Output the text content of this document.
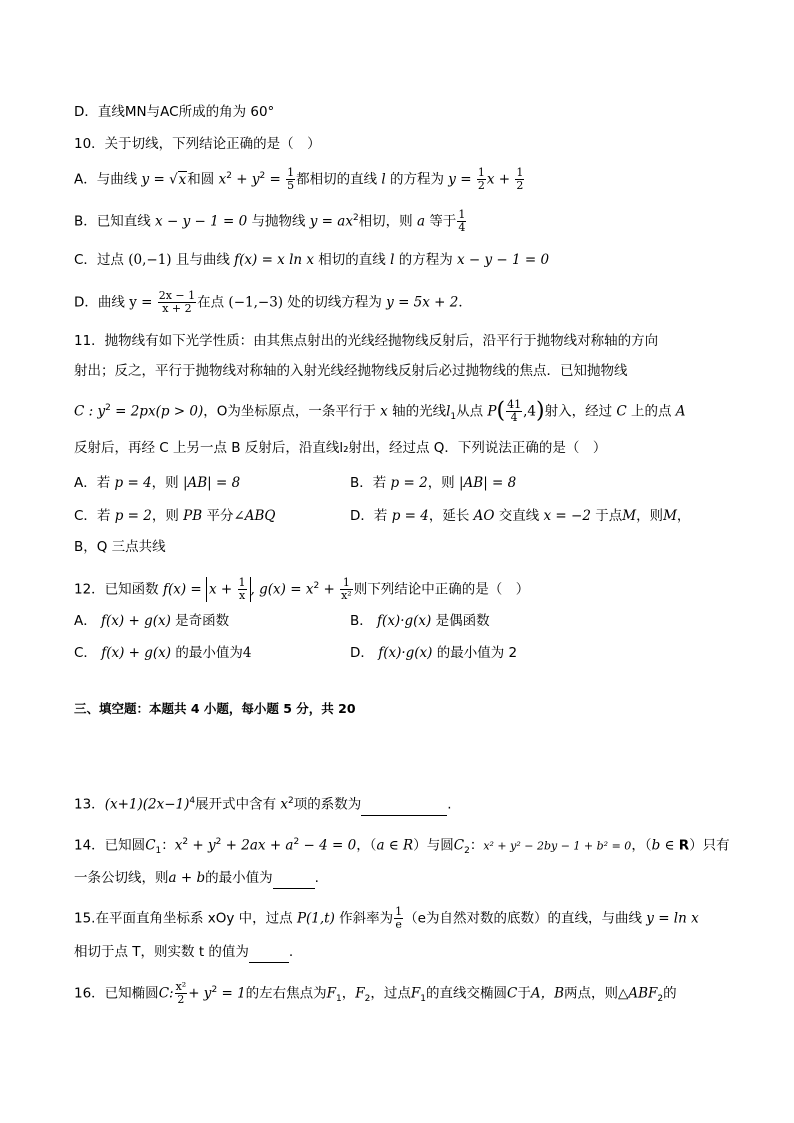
D．直线MN与AC所成的角为 60°
10．关于切线，下列结论正确的是（　）
A．与曲线 y = √x和圆 $x^2 + y^2 = \frac{1}{5}$ 都相切的直线 l 的方程为 $y = \frac{1}{2}$ $x + \frac{1}{2}$
B．已知直线 x − y − 1 = 0 与抛物线 $y = ax^2$相切，则 a 等于 $\frac{1}{4}$
C．过点 (0,−1) 且与曲线 f(x) = x ln x 相切的直线 l 的方程为 x − y − 1 = 0
D．曲线 $y = \frac{2x - 1}{x + 2}$ 在点 (−1,−3) 处的切线方程为 y = 5x + 2．
11．抛物线有如下光学性质：由其焦点射出的光线经抛物线反射后，沿平行于抛物线对称轴的方向
射出；反之，平行于抛物线对称轴的入射光线经抛物线反射后必过抛物线的焦点．已知抛物线
C : $y^2 = 2px(p > 0)$，O为坐标原点，一条平行于 x 轴的光线$l_1$从点 $P( \frac{41}{4} ,4)$射入，经过 C 上的点 A
反射后，再经 C 上另一点 B 反射后，沿直线l₂射出，经过点 Q．下列说法正确的是（　）
A．若 p = 4，则 |AB| = 8	B．若 p = 2，则 |AB| = 8
C．若 p = 2，则 PB 平分∠ABQ	D．若 p = 4，延长 AO 交直线 x = −2 于点M，则M，
B，Q 三点共线
12．已知函数 $f(x) = x + \frac{1}{x}$ , $g(x) = x^2 + \frac{1}{\text{x²}}$ 则下列结论中正确的是（　）
A． f(x) + g(x) 是奇函数	B． f(x)·g(x) 是偶函数
C． f(x) + g(x) 的最小值为4	D． f(x)·g(x) 的最小值为 2
三、填空题：本题共 4 小题，每小题 5 分，共 20
13．$(x+1)(2x-1)^4$展开式中含有 $x^2$项的系数为	.
14．已知圆$C_1$：$x^2 + y^2 + 2ax + a^2 - 4 = 0$，（a ∈ R）与圆$C_2$：x² + y² − 2by − 1 + b² = 0，（b ∈ R）只有
一条公切线，则a + b的最小值为	.
15.在平面直角坐标系 xOy 中，过点 P(1,t) 作斜率为 $\frac{1}{e} (e$为自然对数的底数）的直线，与曲线 y = ln x
相切于点 T，则实数 t 的值为	.
16．已知椭圆C: $\frac{\text{x²}}{2} + y^2 = 1$的左右焦点为$F_1$，$F_2$，过点$F_1$的直线交椭圆C于A，B两点，则$\triangle ABF_2$的
